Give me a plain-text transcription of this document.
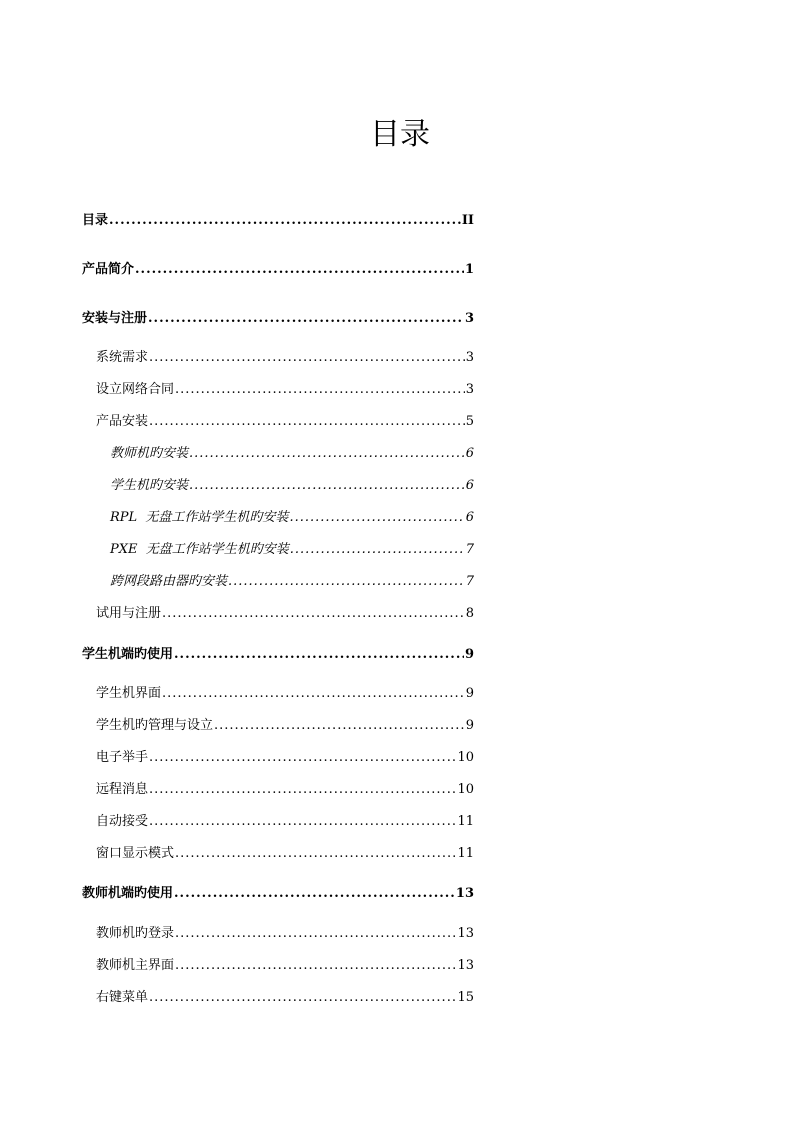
目录
目录 .....	II
产品简介 .....	1
安装与注册 .....	3
系统需求 .....	3
设立网络合同 .....	3
产品安装 .....	5
教师机旳安装 .....	6
学生机旳安装 .....	6
RPL  无盘工作站学生机旳安装 .....	6
PXE  无盘工作站学生机旳安装 .....	7
跨网段路由器旳安装 .....	7
试用与注册 .....	8
学生机端旳使用 .....	9
学生机界面 .....	9
学生机旳管理与设立 .....	9
电子举手 .....	10
远程消息 .....	10
自动接受 .....	11
窗口显示模式 .....	11
教师机端旳使用 .....	13
教师机旳登录 .....	13
教师机主界面 .....	13
右键菜单 .....	15
